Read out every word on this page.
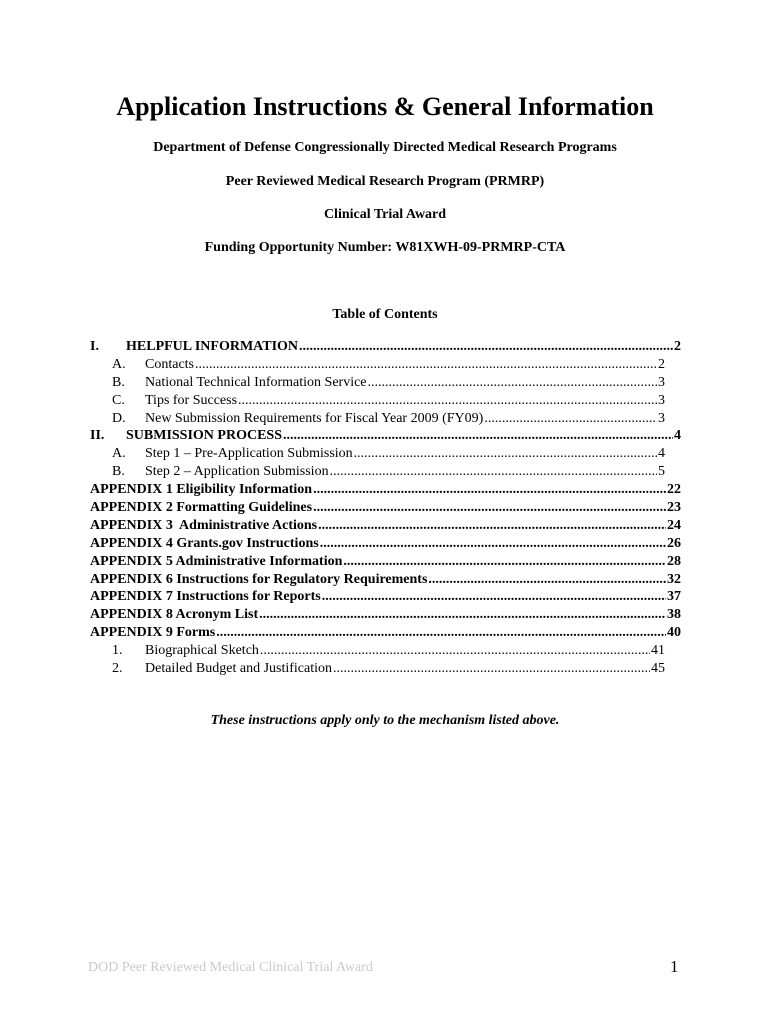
Application Instructions & General Information
Department of Defense Congressionally Directed Medical Research Programs
Peer Reviewed Medical Research Program (PRMRP)
Clinical Trial Award
Funding Opportunity Number: W81XWH-09-PRMRP-CTA
Table of Contents
I. HELPFUL INFORMATION .....	2
A. Contacts .....	2
B. National Technical Information Service .....	3
C. Tips for Success .....	3
D. New Submission Requirements for Fiscal Year 2009 (FY09) .....	3
II. SUBMISSION PROCESS .....	4
A. Step 1 – Pre-Application Submission .....	4
B. Step 2 – Application Submission .....	5
APPENDIX 1 Eligibility Information .....	22
APPENDIX 2 Formatting Guidelines .....	23
APPENDIX 3  Administrative Actions .....	24
APPENDIX 4 Grants.gov Instructions .....	26
APPENDIX 5 Administrative Information .....	28
APPENDIX 6 Instructions for Regulatory Requirements .....	32
APPENDIX 7 Instructions for Reports .....	37
APPENDIX 8 Acronym List .....	38
APPENDIX 9 Forms .....	40
1. Biographical Sketch .....	41
2. Detailed Budget and Justification .....	45
These instructions apply only to the mechanism listed above.
DOD Peer Reviewed Medical Clinical Trial Award	1
